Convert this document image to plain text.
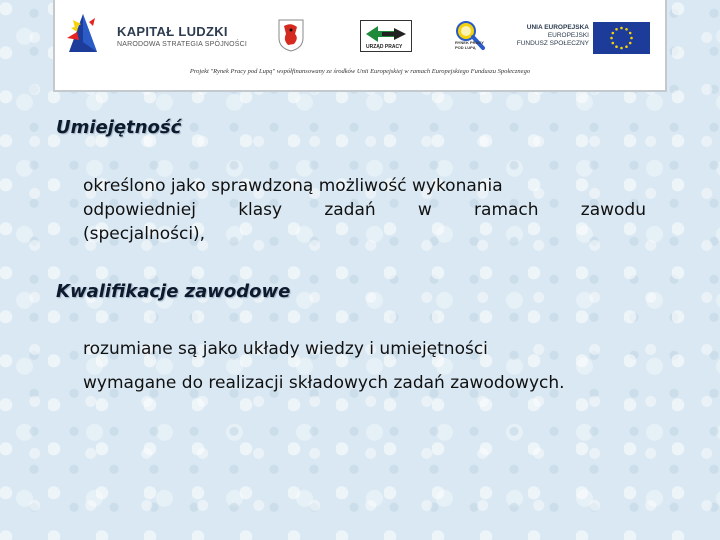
KAPITAŁ LUDZKI
NARODOWA STRATEGIA SPÓJNOŚCI	URZĄD PRACY
RYNEK PRACY POD LUPĄ
UNIA EUROPEJSKA
EUROPEJSKI
FUNDUSZ SPOŁECZNY
Projekt "Rynek Pracy pod Lupą" współfinansowany ze środków Unii Europejskiej w ramach Europejskiego Funduszu Społecznego
Umiejętność
określono jako sprawdzoną możliwość wykonania
odpowiedniej klasy zadań w ramach zawodu
(specjalności),
Kwalifikacje zawodowe
rozumiane są jako układy wiedzy i umiejętności
wymagane do realizacji składowych zadań zawodowych.
